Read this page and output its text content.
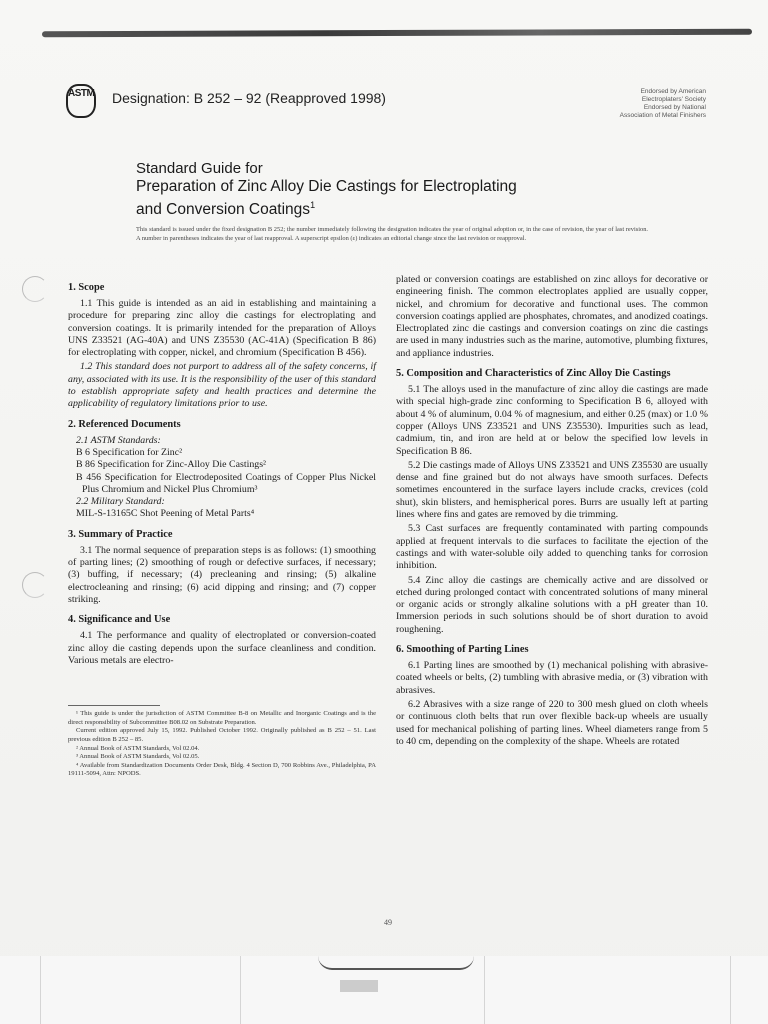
ASTM Designation: B 252 – 92 (Reapproved 1998)	Endorsed by American
Electroplaters' Society
Endorsed by National
Association of Metal Finishers
Standard Guide for
Preparation of Zinc Alloy Die Castings for Electroplating
and Conversion Coatings$^1$
This standard is issued under the fixed designation B 252; the number immediately following the designation indicates the year of original adoption or, in the case of revision, the year of last revision. A number in parentheses indicates the year of last reapproval. A superscript epsilon (ε) indicates an editorial change since the last revision or reapproval.
1. Scope

1.1 This guide is intended as an aid in establishing and maintaining a procedure for preparing zinc alloy die castings for electroplating and conversion coatings. It is primarily intended for the preparation of Alloys UNS Z33521 (AG-40A) and UNS Z35530 (AC-41A) (Specification B 86) for electroplating with copper, nickel, and chromium (Specification B 456).

1.2 This standard does not purport to address all of the safety concerns, if any, associated with its use. It is the responsibility of the user of this standard to establish appropriate safety and health practices and determine the applicability of regulatory limitations prior to use.

2. Referenced Documents

2.1 ASTM Standards:

B 6 Specification for Zinc²

B 86 Specification for Zinc-Alloy Die Castings²

B 456 Specification for Electrodeposited Coatings of Copper Plus Nickel Plus Chromium and Nickel Plus Chromium³

2.2 Military Standard:

MIL-S-13165C Shot Peening of Metal Parts⁴

3. Summary of Practice

3.1 The normal sequence of preparation steps is as follows: (1) smoothing of parting lines; (2) smoothing of rough or defective surfaces, if necessary; (3) buffing, if necessary; (4) precleaning and rinsing; (5) alkaline electrocleaning and rinsing; (6) acid dipping and rinsing; and (7) copper striking.

4. Significance and Use

4.1 The performance and quality of electroplated or conversion-coated zinc alloy die casting depends upon the surface cleanliness and condition. Various metals are electro-

¹ This guide is under the jurisdiction of ASTM Committee B-8 on Metallic and Inorganic Coatings and is the direct responsibility of Subcommittee B08.02 on Substrate Preparation.

Current edition approved July 15, 1992. Published October 1992. Originally published as B 252 – 51. Last previous edition B 252 – 85.

² Annual Book of ASTM Standards, Vol 02.04.

³ Annual Book of ASTM Standards, Vol 02.05.

⁴ Available from Standardization Documents Order Desk, Bldg. 4 Section D, 700 Robbins Ave., Philadelphia, PA 19111-5094, Attn: NPODS.

plated or conversion coatings are established on zinc alloys for decorative or engineering finish. The common electroplates applied are usually copper, nickel, and chromium for decorative and functional uses. The common conversion coatings applied are phosphates, chromates, and anodized coatings. Electroplated zinc die castings and conversion coatings on zinc die castings are used in many industries such as the marine, automotive, plumbing fixtures, and appliance industries.

5. Composition and Characteristics of Zinc Alloy Die Castings

5.1 The alloys used in the manufacture of zinc alloy die castings are made with special high-grade zinc conforming to Specification B 6, alloyed with about 4 % of aluminum, 0.04 % of magnesium, and either 0.25 (max) or 1.0 % copper (Alloys UNS Z33521 and UNS Z35530). Impurities such as lead, cadmium, tin, and iron are held at or below the specified low levels in Specification B 86.

5.2 Die castings made of Alloys UNS Z33521 and UNS Z35530 are usually dense and fine grained but do not always have smooth surfaces. Defects sometimes encountered in the surface layers include cracks, crevices (cold shut), skin blisters, and hemispherical pores. Burrs are usually left at parting lines where fins and gates are removed by die trimming.

5.3 Cast surfaces are frequently contaminated with parting compounds applied at frequent intervals to die surfaces to facilitate the ejection of the castings and with water-soluble oily added to quenching tanks for corrosion inhibition.

5.4 Zinc alloy die castings are chemically active and are dissolved or etched during prolonged contact with concentrated solutions of many mineral or organic acids or strongly alkaline solutions with a pH greater than 10. Immersion periods in such solutions should be of short duration to avoid roughening.

6. Smoothing of Parting Lines

6.1 Parting lines are smoothed by (1) mechanical polishing with abrasive-coated wheels or belts, (2) tumbling with abrasive media, or (3) vibration with abrasives.

6.2 Abrasives with a size range of 220 to 300 mesh glued on cloth wheels or continuous cloth belts that run over flexible back-up wheels are usually used for mechanical polishing of parting lines. Wheel diameters range from 5 to 40 cm, depending on the complexity of the shape. Wheels are rotated

49
